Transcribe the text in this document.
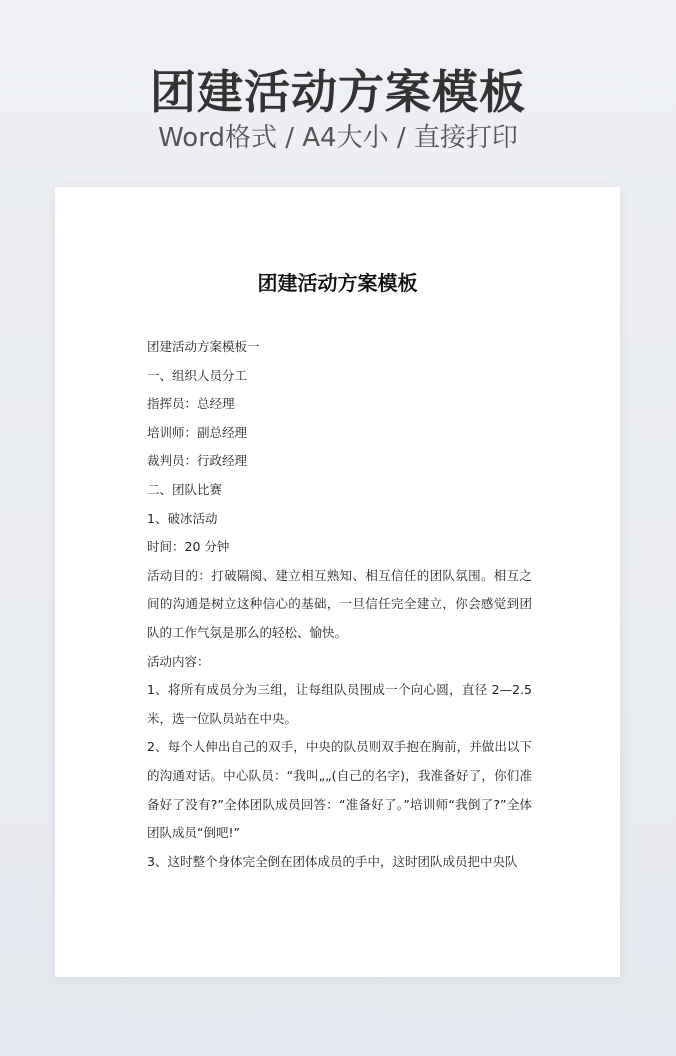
团建活动方案模板
Word格式 / A4大小 / 直接打印
团建活动方案模板
团建活动方案模板一
一、组织人员分工
指挥员：总经理
培训师：副总经理
裁判员：行政经理
二、团队比赛
1、破冰活动
时间：20 分钟
活动目的：打破隔阂、建立相互熟知、相互信任的团队氛围。相互之间的沟通是树立这种信心的基础，一旦信任完全建立，你会感觉到团队的工作气氛是那么的轻松、愉快。
活动内容：
1、将所有成员分为三组，让每组队员围成一个向心圆，直径 2—2.5 米，选一位队员站在中央。
2、每个人伸出自己的双手，中央的队员则双手抱在胸前，并做出以下的沟通对话。中心队员：“我叫„„(自己的名字)，我准备好了，你们准备好了没有?”全体团队成员回答：“准备好了。”培训师“我倒了?”全体团队成员“倒吧!”
3、这时整个身体完全倒在团体成员的手中，这时团队成员把中央队
